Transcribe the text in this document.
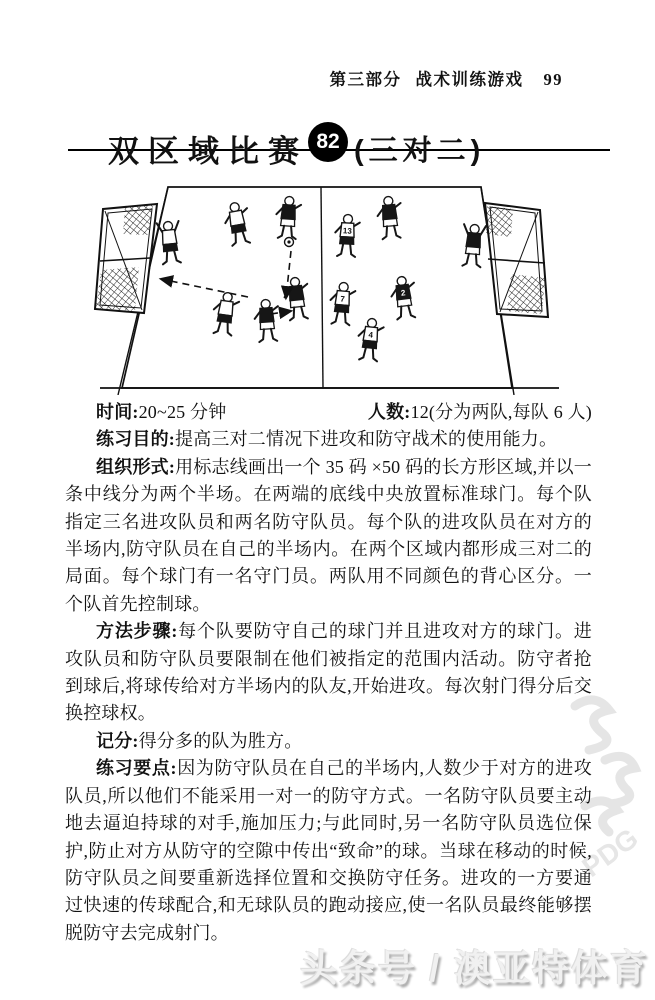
第三部分 战术训练游戏 99
双区域比赛 82 (三对二)
13
7
2
4
时间:20~25 分钟	人数:12(分为两队,每队 6 人)

练习目的:提高三对二情况下进攻和防守战术的使用能力。

组织形式:用标志线画出一个 35 码 ×50 码的长方形区域,并以一条中线分为两个半场。在两端的底线中央放置标准球门。每个队指定三名进攻队员和两名防守队员。每个队的进攻队员在对方的半场内,防守队员在自己的半场内。在两个区域内都形成三对二的局面。每个球门有一名守门员。两队用不同颜色的背心区分。一个队首先控制球。

方法步骤:每个队要防守自己的球门并且进攻对方的球门。进攻队员和防守队员要限制在他们被指定的范围内活动。防守者抢到球后,将球传给对方半场内的队友,开始进攻。每次射门得分后交换控球权。

记分:得分多的队为胜方。

练习要点:因为防守队员在自己的半场内,人数少于对方的进攻队员,所以他们不能采用一对一的防守方式。一名防守队员要主动地去逼迫持球的对手,施加压力;与此同时,另一名防守队员选位保护,防止对方从防守的空隙中传出“致命”的球。当球在移动的时候,防守队员之间要重新选择位置和交换防守任务。进攻的一方要通过快速的传球配合,和无球队员的跑动接应,使一名队员最终能够摆脱防守去完成射门。

PDG
头条号 / 澳亚特体育
